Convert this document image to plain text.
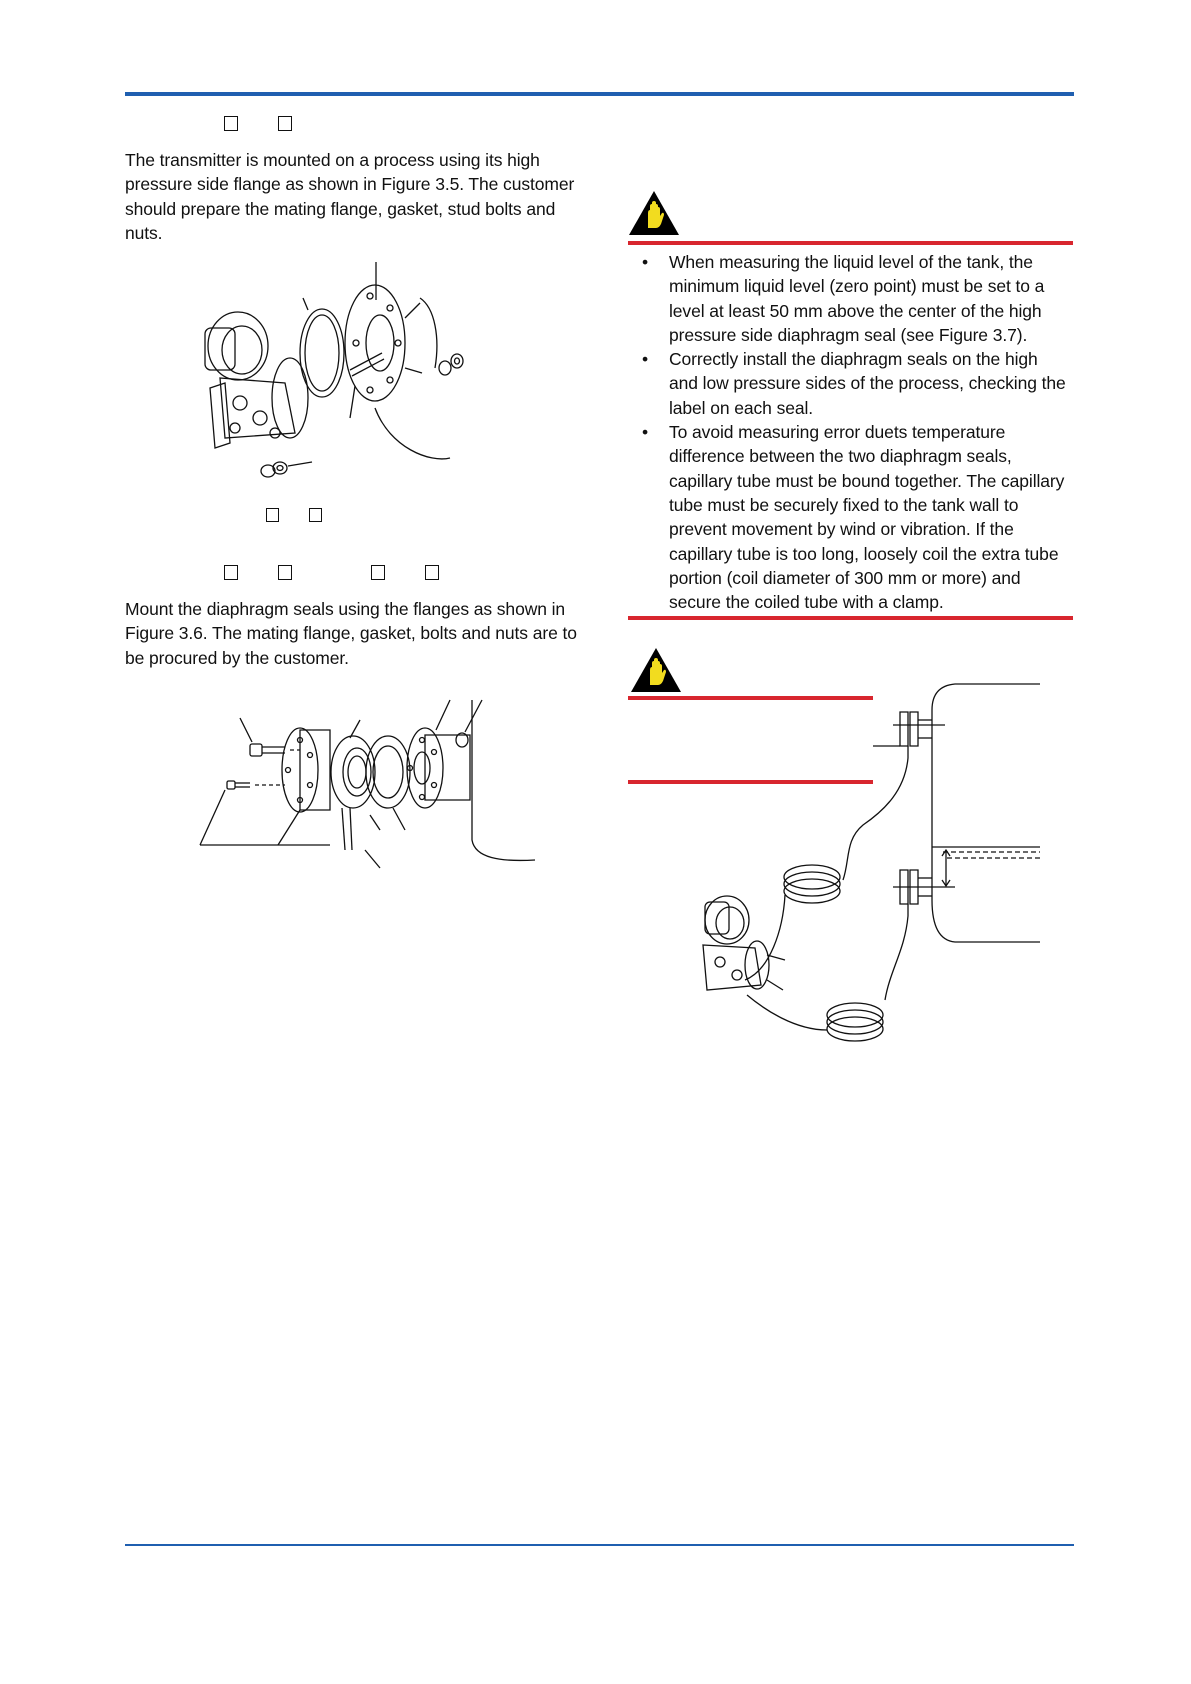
The transmitter is mounted on a process using its high pressure side flange as shown in Figure 3.5. The customer should prepare the mating flange, gasket, stud bolts and nuts.

Mount the diaphragm seals using the flanges as shown in Figure 3.6. The mating flange, gasket, bolts and nuts are to be procured by the customer.

• When measuring the liquid level of the tank, the minimum liquid level (zero point) must be set to a level at least 50 mm above the center of the high pressure side diaphragm seal (see Figure 3.7).
• Correctly install the diaphragm seals on the high and low pressure sides of the process, checking the label on each seal.
• To avoid measuring error duets temperature difference between the two diaphragm seals, capillary tube must be bound together. The capillary tube must be securely fixed to the tank wall to prevent movement by wind or vibration. If the capillary tube is too long, loosely coil the extra tube portion (coil diameter of 300 mm or more) and secure the coiled tube with a clamp.
